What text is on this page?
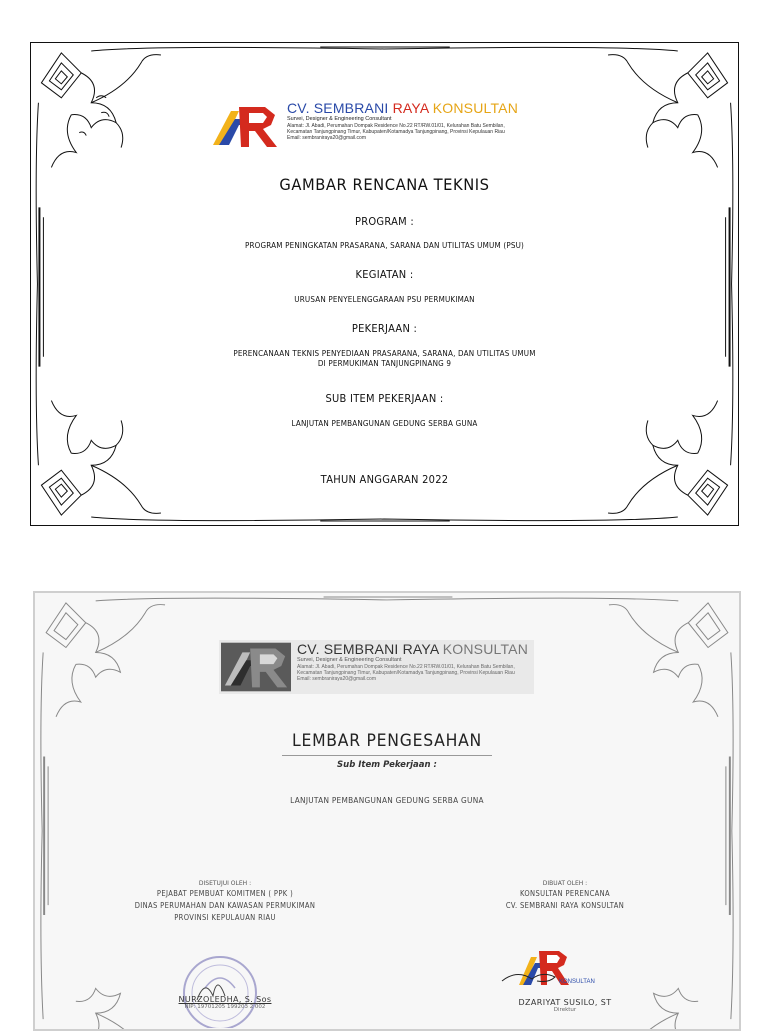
CV. SEMBRANI RAYA KONSULTAN
Survei, Designer & Engineering Consultant
Alamat: Jl. Abadi, Perumahan Dompak Residence No.22 RT/RW.01/01, Kelurahan Batu Sembilan,
Kecamatan Tanjungpinang Timur, Kabupaten/Kotamadya Tanjungpinang, Provinsi Kepulauan Riau
Email: sembraniraya20@gmail.com
GAMBAR RENCANA TEKNIS
PROGRAM :
PROGRAM PENINGKATAN PRASARANA, SARANA DAN UTILITAS UMUM (PSU)
KEGIATAN :
URUSAN PENYELENGGARAAN PSU PERMUKIMAN
PEKERJAAN :
PERENCANAAN TEKNIS PENYEDIAAN PRASARANA, SARANA, DAN UTILITAS UMUM
DI PERMUKIMAN TANJUNGPINANG 9
SUB ITEM PEKERJAAN :
LANJUTAN PEMBANGUNAN GEDUNG SERBA GUNA
TAHUN ANGGARAN 2022
CV. SEMBRANI RAYA KONSULTAN
Survei, Designer & Engineering Consultant
Alamat: Jl. Abadi, Perumahan Dompak Residence No.22 RT/RW.01/01, Kelurahan Batu Sembilan,
Kecamatan Tanjungpinang Timur, Kabupaten/Kotamadya Tanjungpinang, Provinsi Kepulauan Riau
Email: sembraniraya20@gmail.com
LEMBAR PENGESAHAN
Sub Item Pekerjaan :
LANJUTAN PEMBANGUNAN GEDUNG SERBA GUNA
DISETUJUI OLEH :
PEJABAT PEMBUAT KOMITMEN ( PPK )
DINAS PERUMAHAN DAN KAWASAN PERMUKIMAN
PROVINSI KEPULAUAN RIAU
NURZOLEDHA, S. Sos
NIP: 19701205 199203 2 002
DIBUAT OLEH :
KONSULTAN PERENCANA
CV. SEMBRANI RAYA KONSULTAN
KONSULTAN
DZARIYAT SUSILO, ST
Direktur
